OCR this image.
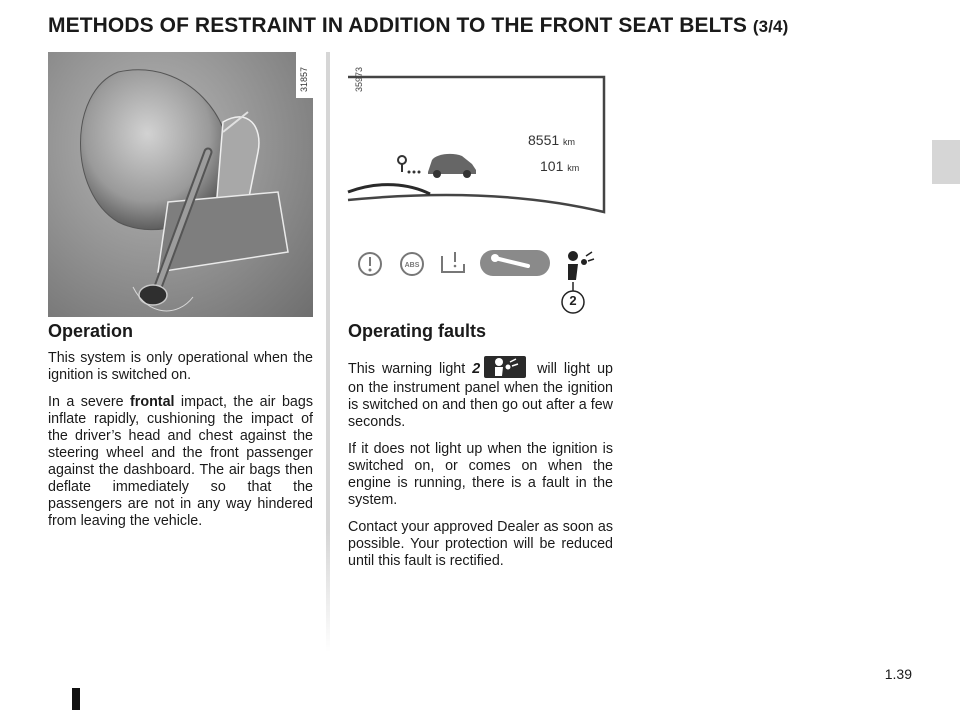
METHODS OF RESTRAINT IN ADDITION TO THE FRONT SEAT BELTS (3/4)
31857	35973
ABS
8551 km
101 km
2
Operation

This system is only operational when the ignition is switched on.

In a severe frontal impact, the air bags inflate rapidly, cushioning the impact of the driver’s head and chest against the steering wheel and the front passenger against the dashboard. The air bags then deflate immediately so that the passengers are not in any way hindered from leaving the vehicle.

Operating faults

This warning light 2	will light up on the instrument panel when the ignition is switched on and then go out after a few seconds.

If it does not light up when the ignition is switched on, or comes on when the engine is running, there is a fault in the system.

Contact your approved Dealer as soon as possible. Your protection will be reduced until this fault is rectified.

1.39
